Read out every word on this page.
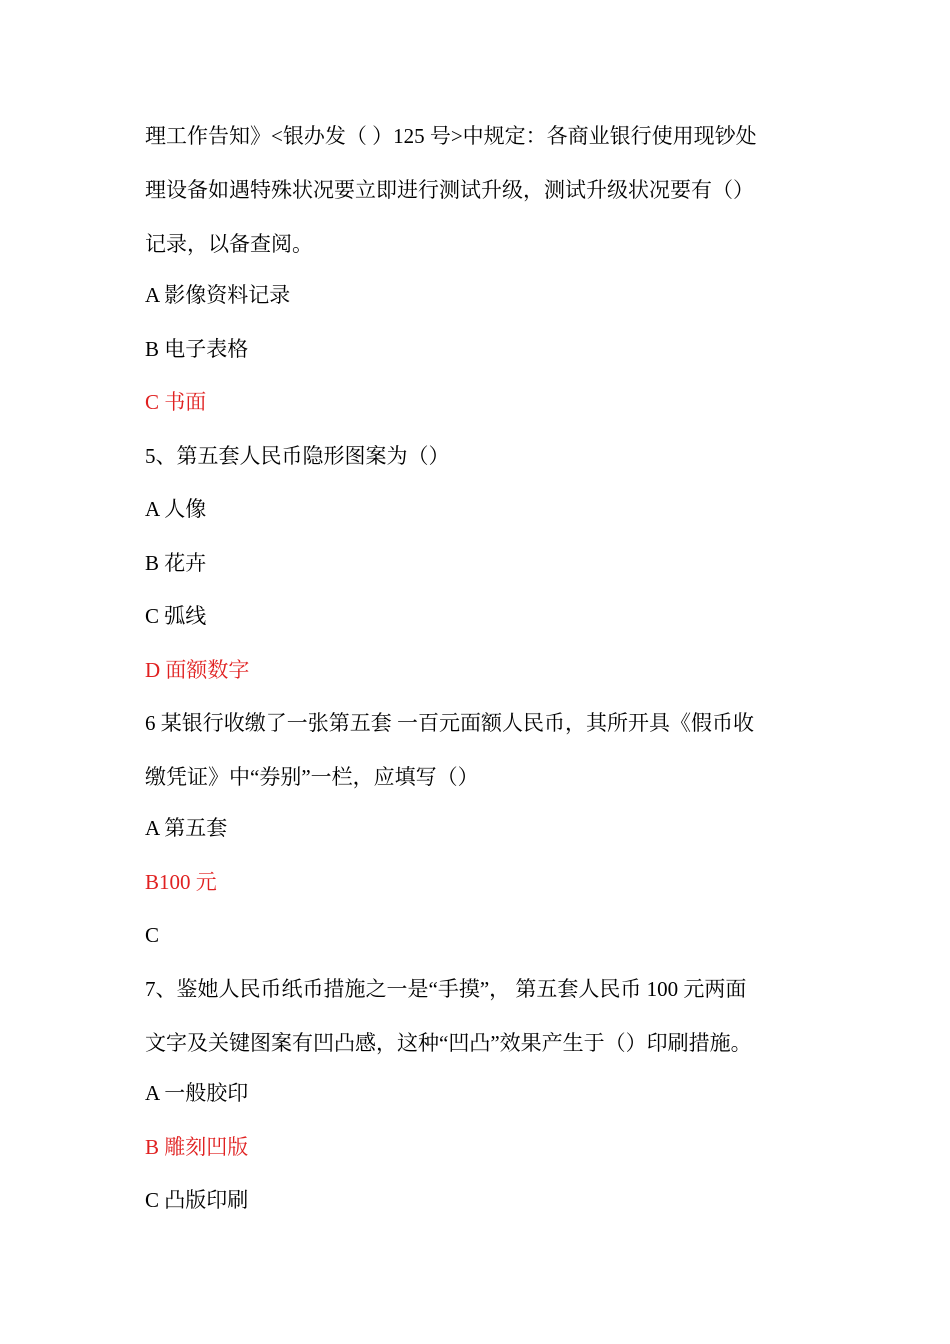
理工作告知》<银办发（ ）125 号>中规定：各商业银行使用现钞处
理设备如遇特殊状况要立即进行测试升级，测试升级状况要有（）
记录，以备查阅。
A 影像资料记录
B 电子表格
C 书面
5、第五套人民币隐形图案为（）
A 人像
B 花卉
C 弧线
D 面额数字
6 某银行收缴了一张第五套 一百元面额人民币，其所开具《假币收
缴凭证》中“券别”一栏，应填写（）
A 第五套
B100 元
C
7、鉴她人民币纸币措施之一是“手摸”， 第五套人民币 100 元两面
文字及关键图案有凹凸感，这种“凹凸”效果产生于（）印刷措施。
A 一般胶印
B 雕刻凹版
C 凸版印刷
